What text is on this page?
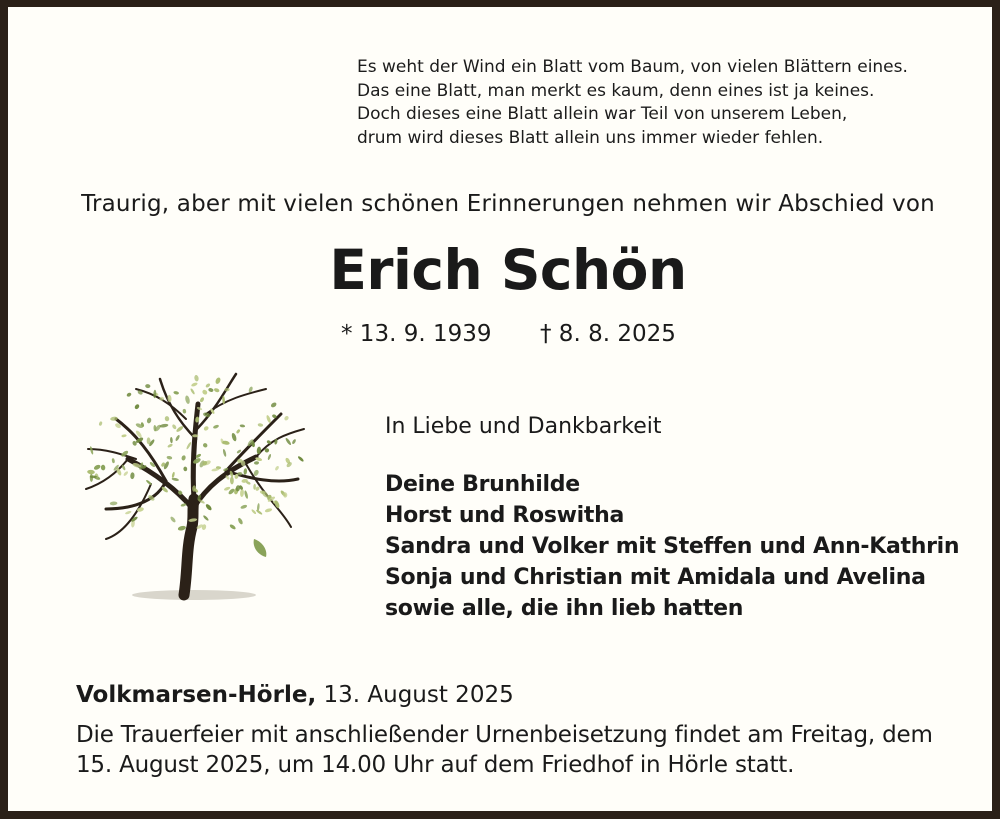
Es weht der Wind ein Blatt vom Baum, von vielen Blättern eines.
Das eine Blatt, man merkt es kaum, denn eines ist ja keines.
Doch dieses eine Blatt allein war Teil von unserem Leben,
drum wird dieses Blatt allein uns immer wieder fehlen.
Traurig, aber mit vielen schönen Erinnerungen nehmen wir Abschied von
Erich Schön
* 13. 9. 1939 † 8. 8. 2025
In Liebe und Dankbarkeit
Deine Brunhilde
Horst und Roswitha
Sandra und Volker mit Steffen und Ann-Kathrin
Sonja und Christian mit Amidala und Avelina
sowie alle, die ihn lieb hatten
Volkmarsen-Hörle, 13. August 2025
Die Trauerfeier mit anschließender Urnenbeisetzung findet am Freitag, dem
15. August 2025, um 14.00 Uhr auf dem Friedhof in Hörle statt.
